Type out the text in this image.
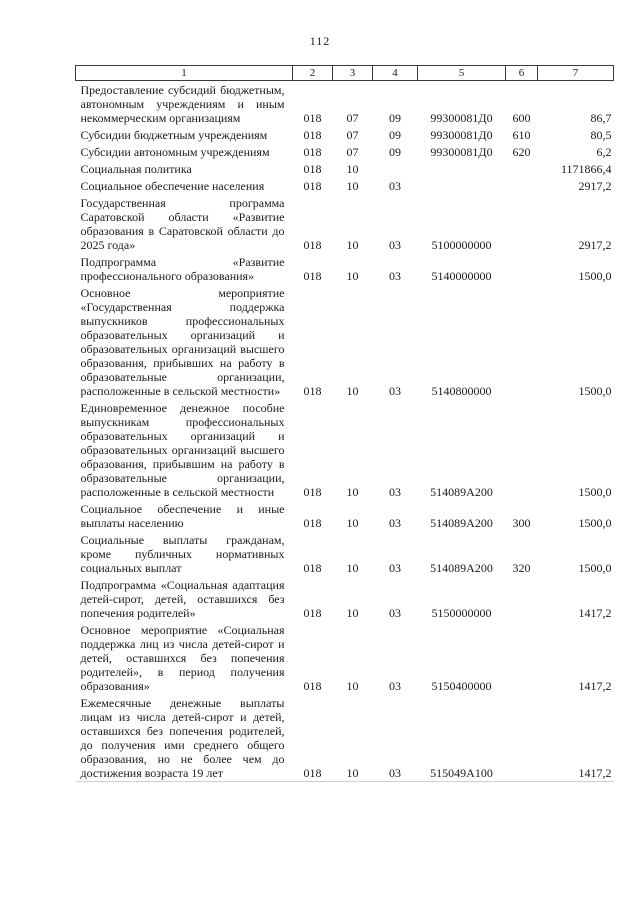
112
1	2	3	4	5	6	7
Предоставление субсидий бюджетным, автономным учреждениям и иным некоммерческим организациям	018	07	09	99300081Д0	600	86,7
Субсидии бюджетным учреждениям	018	07	09	99300081Д0	610	80,5
Субсидии автономным учреждениям	018	07	09	99300081Д0	620	6,2
Социальная политика	018	10				1171866,4
Социальное обеспечение населения	018	10	03			2917,2
Государственная программа Саратовской области «Развитие образования в Саратовской области до 2025 года»	018	10	03	5100000000		2917,2
Подпрограмма «Развитие профессионального образования»	018	10	03	5140000000		1500,0
Основное мероприятие «Государственная поддержка выпускников профессиональных образовательных организаций и образовательных организаций высшего образования, прибывших на работу в образовательные организации, расположенные в сельской местности»	018	10	03	5140800000		1500,0
Единовременное денежное пособие выпускникам профессиональных образовательных организаций и образовательных организаций высшего образования, прибывшим на работу в образовательные организации, расположенные в сельской местности	018	10	03	514089А200		1500,0
Социальное обеспечение и иные выплаты населению	018	10	03	514089А200	300	1500,0
Социальные выплаты гражданам, кроме публичных нормативных социальных выплат	018	10	03	514089А200	320	1500,0
Подпрограмма «Социальная адаптация детей-сирот, детей, оставшихся без попечения родителей»	018	10	03	5150000000		1417,2
Основное мероприятие «Социальная поддержка лиц из числа детей-сирот и детей, оставшихся без попечения родителей», в период получения образования»	018	10	03	5150400000		1417,2
Ежемесячные денежные выплаты лицам из числа детей-сирот и детей, оставшихся без попечения родителей, до получения ими среднего общего образования, но не более чем до достижения возраста 19 лет	018	10	03	515049А100		1417,2
